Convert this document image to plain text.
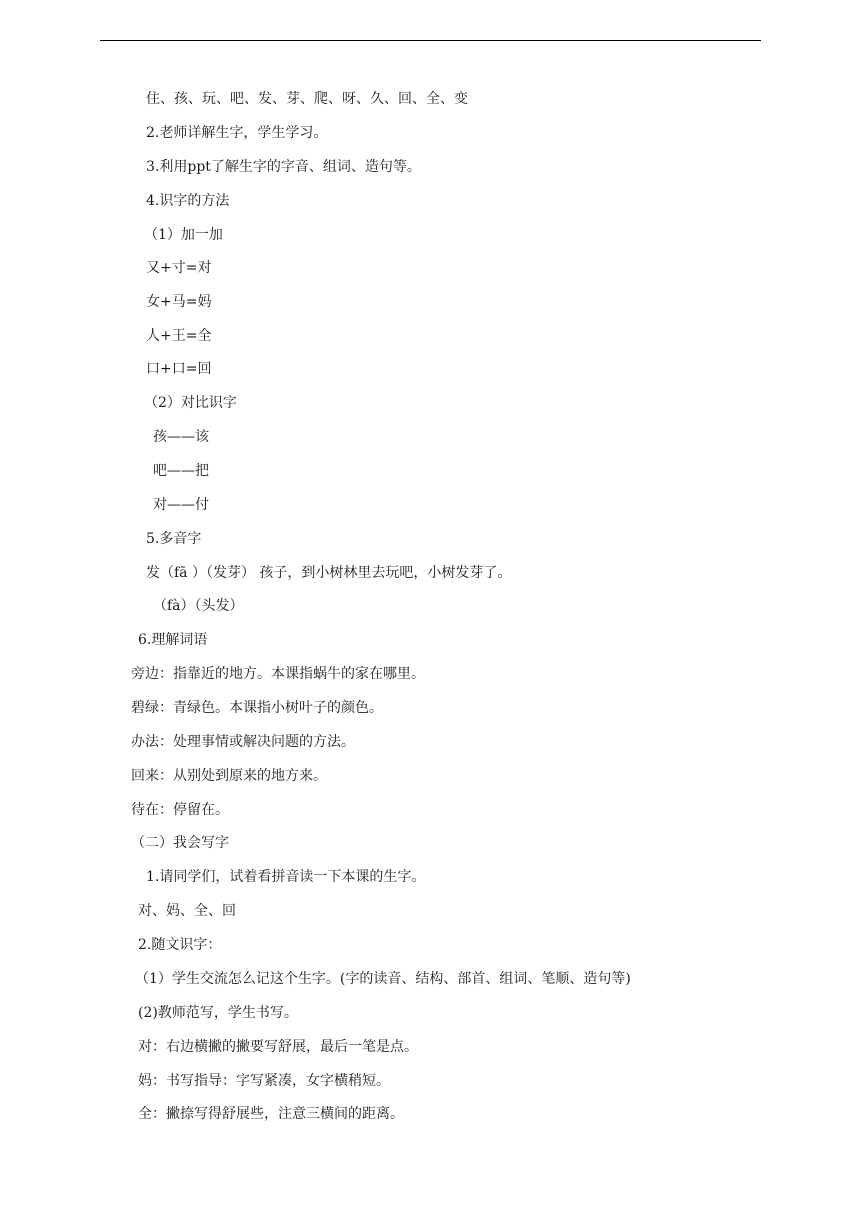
住、孩、玩、吧、发、芽、爬、呀、久、回、全、变
2.老师详解生字，学生学习。
3.利用ppt了解生字的字音、组词、造句等。
4.识字的方法
（1）加一加
又+寸=对
女+马=妈
人+王=全
口+口=回
（2）对比识字
孩——该
吧——把
对——付
5.多音字
发（fā ）（发芽） 孩子，到小树林里去玩吧，小树发芽了。
（fà）（头发）
6.理解词语
旁边：指靠近的地方。本课指蜗牛的家在哪里。
碧绿：青绿色。本课指小树叶子的颜色。
办法：处理事情或解决问题的方法。
回来：从别处到原来的地方来。
待在：停留在。
（二）我会写字
1.请同学们，试着看拼音读一下本课的生字。
对、妈、全、回
2.随文识字：
（1）学生交流怎么记这个生字。(字的读音、结构、部首、组词、笔顺、造句等)
(2)教师范写，学生书写。
对：右边横撇的撇要写舒展，最后一笔是点。
妈：书写指导：字写紧凑，女字横稍短。
全：撇捺写得舒展些，注意三横间的距离。
